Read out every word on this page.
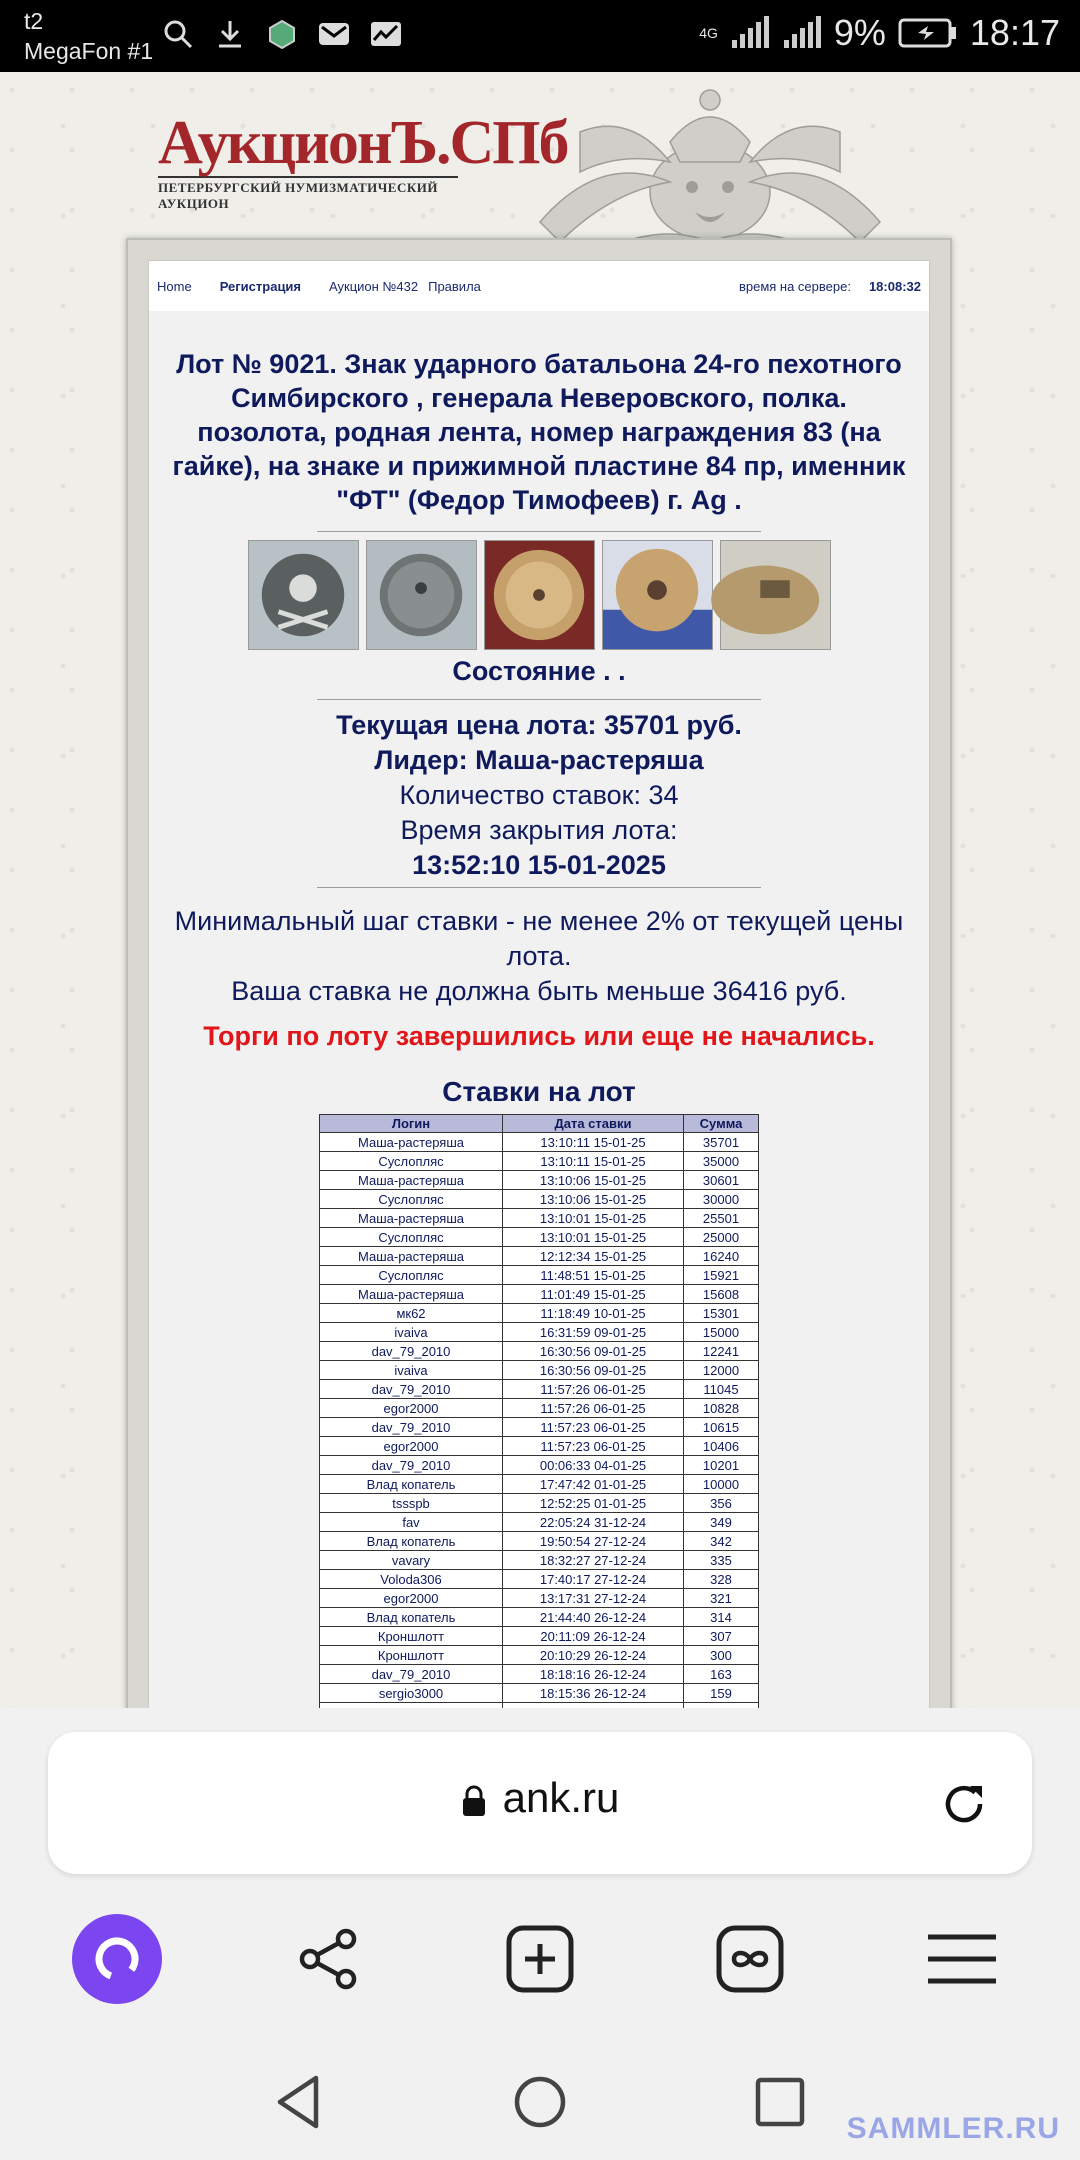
t2
MegaFon #1
4G	9% 18:17
АукционЪ.СПб
ПЕТЕРБУРГСКИЙ НУМИЗМАТИЧЕСКИЙ АУКЦИОН
Home Регистрация Аукцион №432 Правила	время на сервере: 18:08:32
Лот № 9021. Знак ударного батальона 24-го пехотного Симбирского , генерала Неверовского, полка. позолота, родная лента, номер награждения 83 (на гайке), на знаке и прижимной пластине 84 пр, именник "ФТ" (Федор Тимофеев) г. Ag .
Состояние . .
Текущая цена лота: 35701 руб.
Лидер: Маша-растеряша
Количество ставок: 34
Время закрытия лота:
13:52:10 15-01-2025
Минимальный шаг ставки - не менее 2% от текущей цены лота.
Ваша ставка не должна быть меньше 36416 руб.
Торги по лоту завершились или еще не начались.
Ставки на лот
Логин	Дата ставки	Сумма
Маша-растеряша	13:10:11 15-01-25	35701
Суслопляс	13:10:11 15-01-25	35000
Маша-растеряша	13:10:06 15-01-25	30601
Суслопляс	13:10:06 15-01-25	30000
Маша-растеряша	13:10:01 15-01-25	25501
Суслопляс	13:10:01 15-01-25	25000
Маша-растеряша	12:12:34 15-01-25	16240
Суслопляс	11:48:51 15-01-25	15921
Маша-растеряша	11:01:49 15-01-25	15608
мк62	11:18:49 10-01-25	15301
ivaiva	16:31:59 09-01-25	15000
dav_79_2010	16:30:56 09-01-25	12241
ivaiva	16:30:56 09-01-25	12000
dav_79_2010	11:57:26 06-01-25	11045
egor2000	11:57:26 06-01-25	10828
dav_79_2010	11:57:23 06-01-25	10615
egor2000	11:57:23 06-01-25	10406
dav_79_2010	00:06:33 04-01-25	10201
Влад копатель	17:47:42 01-01-25	10000
tssspb	12:52:25 01-01-25	356
fav	22:05:24 31-12-24	349
Влад копатель	19:50:54 27-12-24	342
vavary	18:32:27 27-12-24	335
Voloda306	17:40:17 27-12-24	328
egor2000	13:17:31 27-12-24	321
Влад копатель	21:44:40 26-12-24	314
Кроншлотт	20:11:09 26-12-24	307
Кроншлотт	20:10:29 26-12-24	300
dav_79_2010	18:18:16 26-12-24	163
sergio3000	18:15:36 26-12-24	159

ank.ru
SAMMLER.RU
